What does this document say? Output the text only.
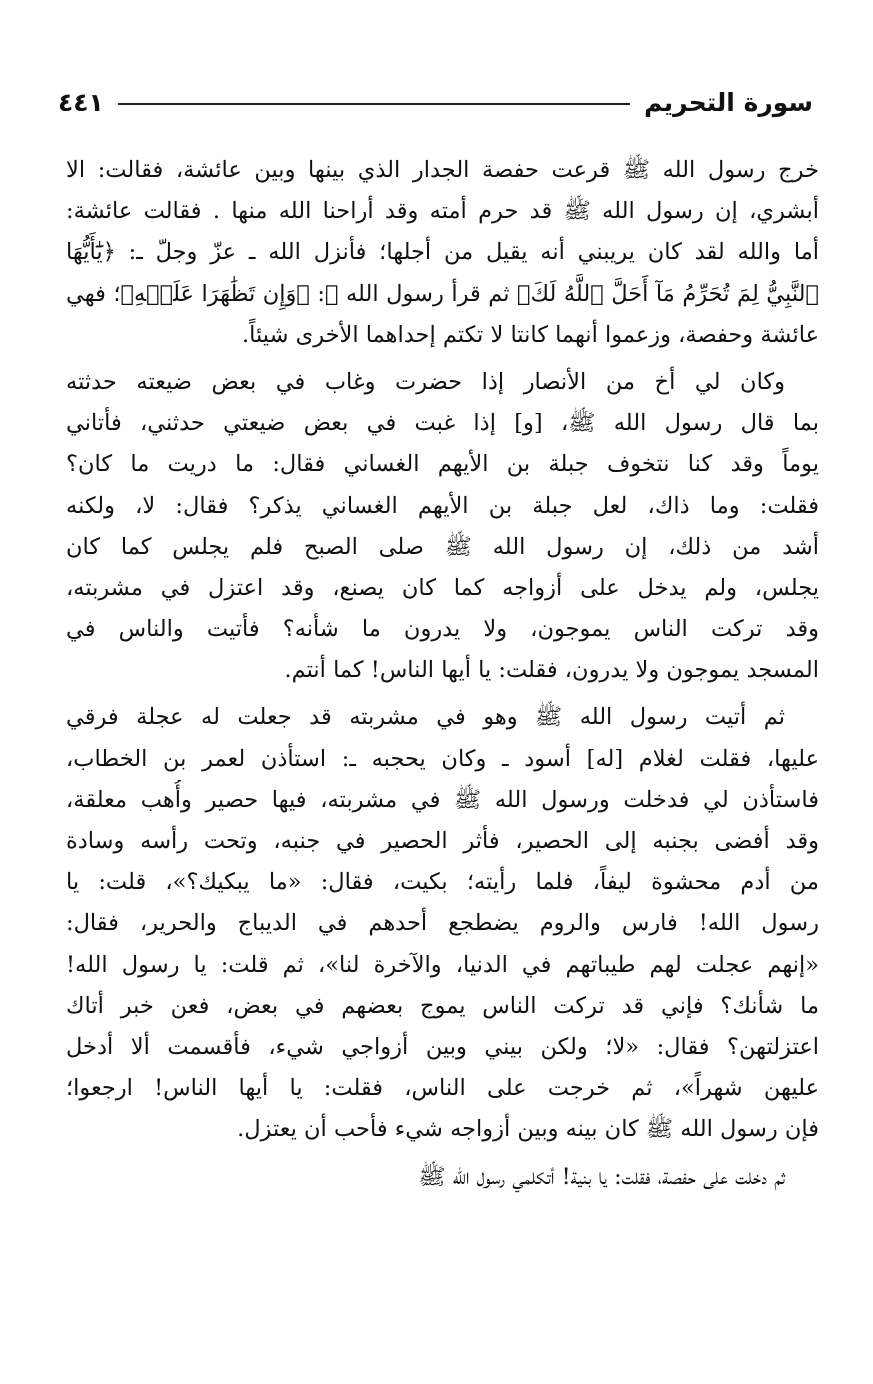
سورة التحريم
٤٤١
خرج رسول الله ﷺ قرعت حفصة الجدار الذي بينها وبين عائشة، فقالت: الا
أبشري، إن رسول الله ﷺ قد حرم أمته وقد أراحنا الله منها . فقالت عائشة:
أما والله لقد كان يريبني أنه يقيل من أجلها؛ فأنزل الله ـ عزّ وجلّ ـ: ﴿يَٰٓأَيُّهَا
ٱلنَّبِيُّ لِمَ تُحَرِّمُ مَآ أَحَلَّ ٱللَّهُ لَكَ﴾ ثم قرأ رسول الله ﷺ: ﴿وَإِن تَظَٰهَرَا عَلَيۡهِ﴾؛ فهي
عائشة وحفصة، وزعموا أنهما كانتا لا تكتم إحداهما الأخرى شيئاً.
وكان لي أخ من الأنصار إذا حضرت وغاب في بعض ضيعته حدثته
بما قال رسول الله ﷺ، [و] إذا غبت في بعض ضيعتي حدثني، فأتاني
يوماً وقد كنا نتخوف جبلة بن الأيهم الغساني فقال: ما دريت ما كان؟
فقلت: وما ذاك، لعل جبلة بن الأيهم الغساني يذكر؟ فقال: لا، ولكنه
أشد من ذلك، إن رسول الله ﷺ صلى الصبح فلم يجلس كما كان
يجلس، ولم يدخل على أزواجه كما كان يصنع، وقد اعتزل في مشربته،
وقد تركت الناس يموجون، ولا يدرون ما شأنه؟ فأتيت والناس في
المسجد يموجون ولا يدرون، فقلت: يا أيها الناس! كما أنتم.
ثم أتيت رسول الله ﷺ وهو في مشربته قد جعلت له عجلة فرقي
عليها، فقلت لغلام [له] أسود ـ وكان يحجبه ـ: استأذن لعمر بن الخطاب،
فاستأذن لي فدخلت ورسول الله ﷺ في مشربته، فيها حصير وأُهب معلقة،
وقد أفضى بجنبه إلى الحصير، فأثر الحصير في جنبه، وتحت رأسه وسادة
من أدم محشوة ليفاً، فلما رأيته؛ بكيت، فقال: «ما يبكيك؟»، قلت: يا
رسول الله! فارس والروم يضطجع أحدهم في الديباج والحرير، فقال:
«إنهم عجلت لهم طيباتهم في الدنيا، والآخرة لنا»، ثم قلت: يا رسول الله!
ما شأنك؟ فإني قد تركت الناس يموج بعضهم في بعض، فعن خبر أتاك
اعتزلتهن؟ فقال: «لا؛ ولكن بيني وبين أزواجي شيء، فأقسمت ألا أدخل
عليهن شهراً»، ثم خرجت على الناس، فقلت: يا أيها الناس! ارجعوا؛
فإن رسول الله ﷺ كان بينه وبين أزواجه شيء فأحب أن يعتزل.
ثم دخلت على حفصة، فقلت: يا بنية! أتكلمي رسول الله ﷺ
